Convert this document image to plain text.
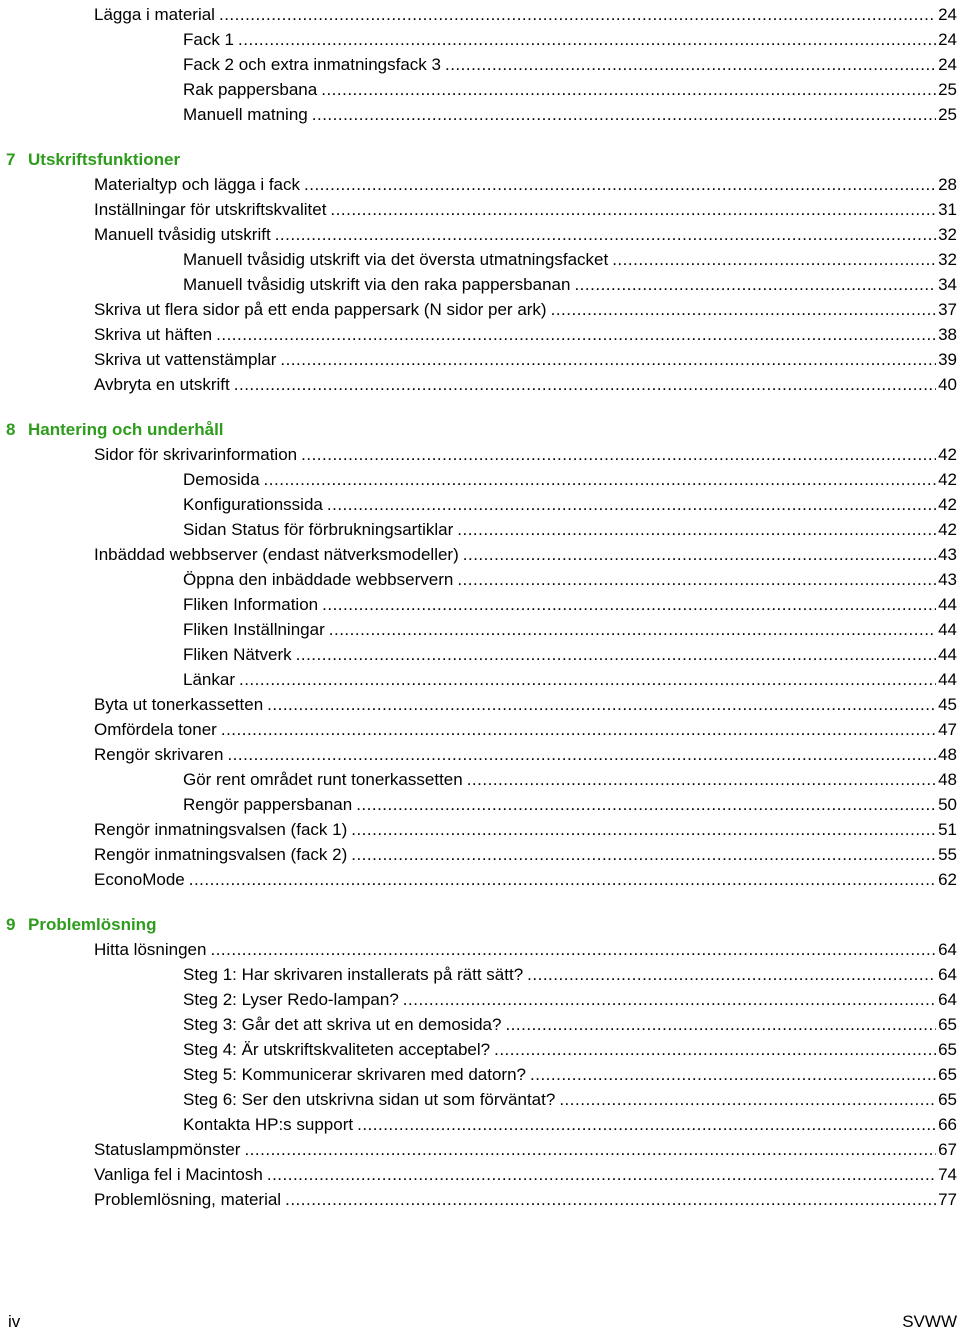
Lägga i material .....	24
Fack 1 .....	24
Fack 2 och extra inmatningsfack 3 .....	24
Rak pappersbana .....	25
Manuell matning .....	25
7 Utskriftsfunktioner
Materialtyp och lägga i fack .....	28
Inställningar för utskriftskvalitet .....	31
Manuell tvåsidig utskrift .....	32
Manuell tvåsidig utskrift via det översta utmatningsfacket .....	32
Manuell tvåsidig utskrift via den raka pappersbanan .....	34
Skriva ut flera sidor på ett enda pappersark (N sidor per ark) .....	37
Skriva ut häften .....	38
Skriva ut vattenstämplar .....	39
Avbryta en utskrift .....	40
8 Hantering och underhåll
Sidor för skrivarinformation .....	42
Demosida .....	42
Konfigurationssida .....	42
Sidan Status för förbrukningsartiklar .....	42
Inbäddad webbserver (endast nätverksmodeller) .....	43
Öppna den inbäddade webbservern .....	43
Fliken Information .....	44
Fliken Inställningar .....	44
Fliken Nätverk .....	44
Länkar .....	44
Byta ut tonerkassetten .....	45
Omfördela toner .....	47
Rengör skrivaren .....	48
Gör rent området runt tonerkassetten .....	48
Rengör pappersbanan .....	50
Rengör inmatningsvalsen (fack 1) .....	51
Rengör inmatningsvalsen (fack 2) .....	55
EconoMode .....	62
9 Problemlösning
Hitta lösningen .....	64
Steg 1: Har skrivaren installerats på rätt sätt? .....	64
Steg 2: Lyser Redo-lampan? .....	64
Steg 3: Går det att skriva ut en demosida? .....	65
Steg 4: Är utskriftskvaliteten acceptabel? .....	65
Steg 5: Kommunicerar skrivaren med datorn? .....	65
Steg 6: Ser den utskrivna sidan ut som förväntat? .....	65
Kontakta HP:s support .....	66
Statuslampmönster .....	67
Vanliga fel i Macintosh .....	74
Problemlösning, material .....	77
iv	SVWW
